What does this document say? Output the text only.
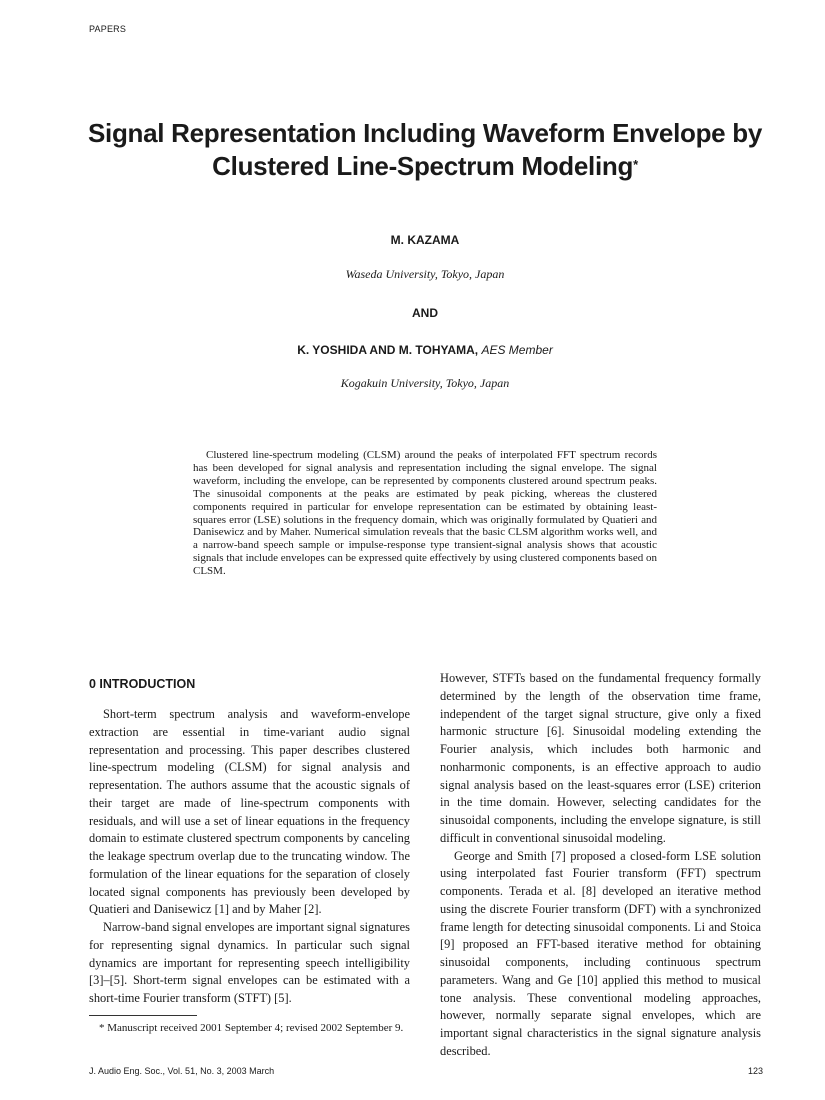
PAPERS
Signal Representation Including Waveform Envelope by
Clustered Line-Spectrum Modeling*
M. KAZAMA
Waseda University, Tokyo, Japan
AND
K. YOSHIDA AND M. TOHYAMA, AES Member
Kogakuin University, Tokyo, Japan

Clustered line-spectrum modeling (CLSM) around the peaks of interpolated FFT spectrum records has been developed for signal analysis and representation including the signal envelope. The signal waveform, including the envelope, can be represented by components clustered around spectrum peaks. The sinusoidal components at the peaks are estimated by peak picking, whereas the clustered components required in particular for envelope representation can be estimated by obtaining least-squares error (LSE) solutions in the frequency domain, which was originally formulated by Quatieri and Danisewicz and by Maher. Numerical simulation reveals that the basic CLSM algorithm works well, and a narrow-band speech sample or impulse-response type transient-signal analysis shows that acoustic signals that include envelopes can be expressed quite effectively by using clustered components based on CLSM.

0 INTRODUCTION

Short-term spectrum analysis and waveform-envelope extraction are essential in time-variant audio signal representation and processing. This paper describes clustered line-spectrum modeling (CLSM) for signal analysis and representation. The authors assume that the acoustic signals of their target are made of line-spectrum components with residuals, and will use a set of linear equations in the frequency domain to estimate clustered spectrum components by canceling the leakage spectrum overlap due to the truncating window. The formulation of the linear equations for the separation of closely located signal components has previously been developed by Quatieri and Danisewicz [1] and by Maher [2].

Narrow-band signal envelopes are important signal signatures for representing signal dynamics. In particular such signal dynamics are important for representing speech intelligibility [3]–[5]. Short-term signal envelopes can be estimated with a short-time Fourier transform (STFT) [5].

However, STFTs based on the fundamental frequency formally determined by the length of the observation time frame, independent of the target signal structure, give only a fixed harmonic structure [6]. Sinusoidal modeling extending the Fourier analysis, which includes both harmonic and nonharmonic components, is an effective approach to audio signal analysis based on the least-squares error (LSE) criterion in the time domain. However, selecting candidates for the sinusoidal components, including the envelope signature, is still difficult in conventional sinusoidal modeling.

George and Smith [7] proposed a closed-form LSE solution using interpolated fast Fourier transform (FFT) spectrum components. Terada et al. [8] developed an iterative method using the discrete Fourier transform (DFT) with a synchronized frame length for detecting sinusoidal components. Li and Stoica [9] proposed an FFT-based iterative method for obtaining sinusoidal components, including continuous spectrum parameters. Wang and Ge [10] applied this method to musical tone analysis. These conventional modeling approaches, however, normally separate signal envelopes, which are important signal characteristics in the signal signature analysis described.

* Manuscript received 2001 September 4; revised 2002 September 9.

J. Audio Eng. Soc., Vol. 51, No. 3, 2003 March	123
